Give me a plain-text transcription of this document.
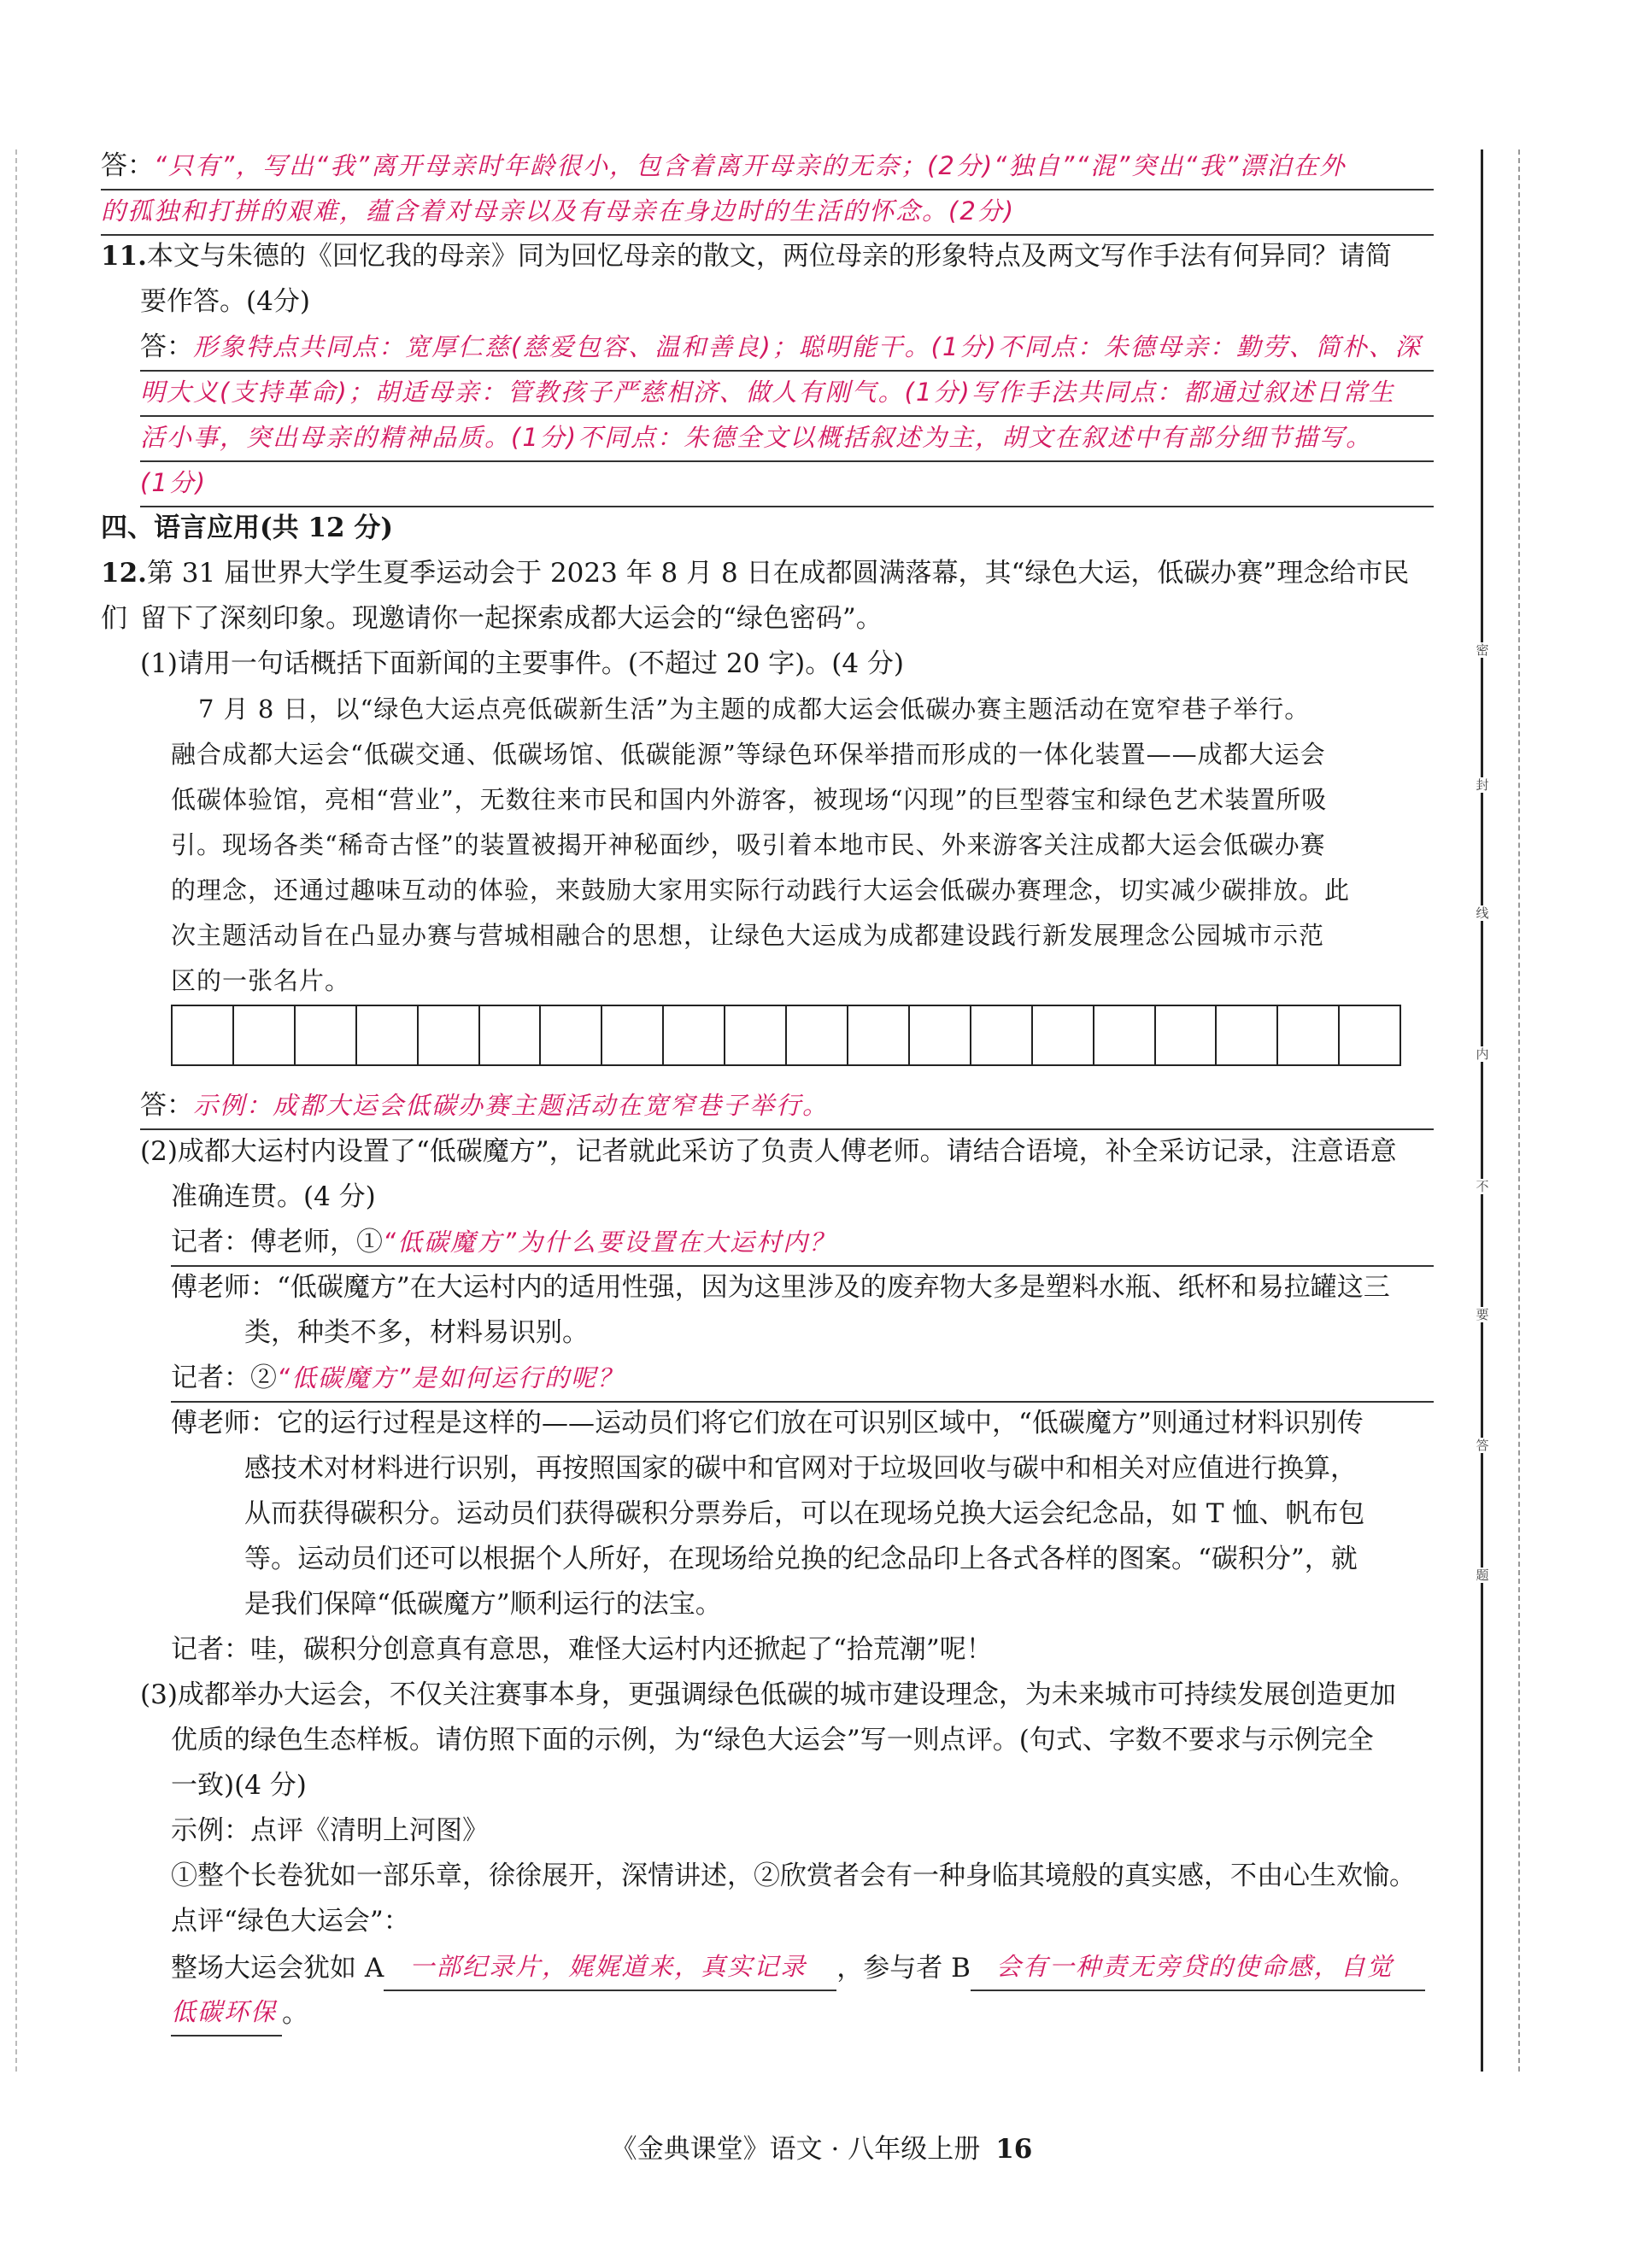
密
封
线
内
不
要
答
题
答：“只有”，写出“我”离开母亲时年龄很小，包含着离开母亲的无奈；(2分)“独自”“混”突出“我”漂泊在外
的孤独和打拼的艰难，蕴含着对母亲以及有母亲在身边时的生活的怀念。(2分)
11.本文与朱德的《回忆我的母亲》同为回忆母亲的散文，两位母亲的形象特点及两文写作手法有何异同？请简
要作答。(4分)
答：形象特点共同点：宽厚仁慈(慈爱包容、温和善良)；聪明能干。(1分)不同点：朱德母亲：勤劳、简朴、深
明大义(支持革命)；胡适母亲：管教孩子严慈相济、做人有刚气。(1分)写作手法共同点：都通过叙述日常生
活小事，突出母亲的精神品质。(1分)不同点：朱德全文以概括叙述为主，胡文在叙述中有部分细节描写。
(1分)
四、语言应用(共 12 分)
12.第 31 届世界大学生夏季运动会于 2023 年 8 月 8 日在成都圆满落幕，其“绿色大运，低碳办赛”理念给市民们 留下了深刻印象。现邀请你一起探索成都大运会的“绿色密码”。
(1)请用一句话概括下面新闻的主要事件。(不超过 20 字)。(4 分)
7 月 8 日，以“绿色大运点亮低碳新生活”为主题的成都大运会低碳办赛主题活动在宽窄巷子举行。
融合成都大运会“低碳交通、低碳场馆、低碳能源”等绿色环保举措而形成的一体化装置——成都大运会
低碳体验馆，亮相“营业”，无数往来市民和国内外游客，被现场“闪现”的巨型蓉宝和绿色艺术装置所吸
引。现场各类“稀奇古怪”的装置被揭开神秘面纱，吸引着本地市民、外来游客关注成都大运会低碳办赛
的理念，还通过趣味互动的体验，来鼓励大家用实际行动践行大运会低碳办赛理念，切实减少碳排放。此
次主题活动旨在凸显办赛与营城相融合的思想，让绿色大运成为成都建设践行新发展理念公园城市示范
区的一张名片。
答：示例：成都大运会低碳办赛主题活动在宽窄巷子举行。
(2)成都大运村内设置了“低碳魔方”，记者就此采访了负责人傅老师。请结合语境，补全采访记录，注意语意
准确连贯。(4 分)
记者：傅老师，①“低碳魔方”为什么要设置在大运村内？
傅老师：“低碳魔方”在大运村内的适用性强，因为这里涉及的废弃物大多是塑料水瓶、纸杯和易拉罐这三
类，种类不多，材料易识别。
记者：②“低碳魔方”是如何运行的呢？
傅老师：它的运行过程是这样的——运动员们将它们放在可识别区域中，“低碳魔方”则通过材料识别传
感技术对材料进行识别，再按照国家的碳中和官网对于垃圾回收与碳中和相关对应值进行换算，
从而获得碳积分。运动员们获得碳积分票券后，可以在现场兑换大运会纪念品，如 T 恤、帆布包
等。运动员们还可以根据个人所好，在现场给兑换的纪念品印上各式各样的图案。“碳积分”，就
是我们保障“低碳魔方”顺利运行的法宝。
记者：哇，碳积分创意真有意思，难怪大运村内还掀起了“拾荒潮”呢！
(3)成都举办大运会，不仅关注赛事本身，更强调绿色低碳的城市建设理念，为未来城市可持续发展创造更加
优质的绿色生态样板。请仿照下面的示例，为“绿色大运会”写一则点评。(句式、字数不要求与示例完全
一致)(4 分)
示例：点评《清明上河图》
①整个长卷犹如一部乐章，徐徐展开，深情讲述，②欣赏者会有一种身临其境般的真实感，不由心生欢愉。
点评“绿色大运会”：
整场大运会犹如 A 一部纪录片，娓娓道来，真实记录 ，参与者 B 会有一种责无旁贷的使命感，自觉
低碳环保 。
《金典课堂》语文 · 八年级上册 16
